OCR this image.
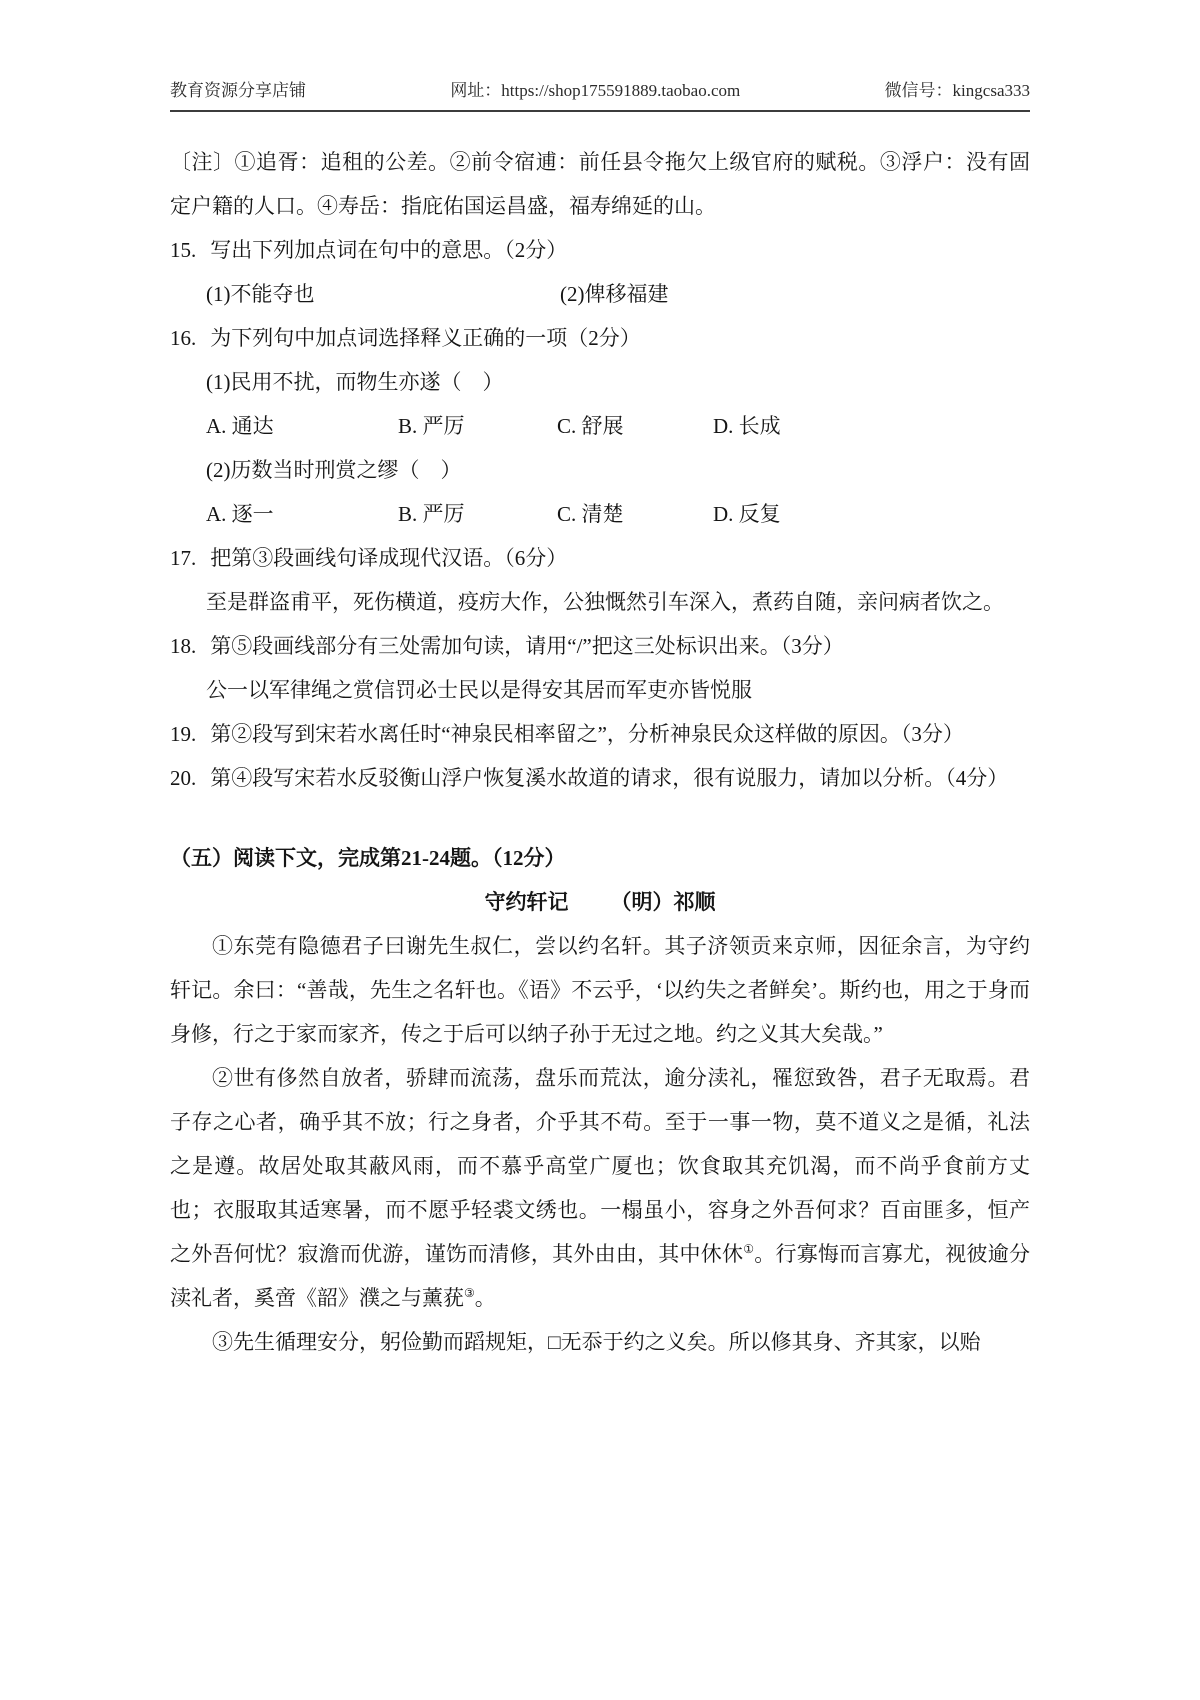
教育资源分享店铺	网址：https://shop175591889.taobao.com	微信号：kingcsa333

〔注〕①追胥：追租的公差。②前令宿逋：前任县令拖欠上级官府的赋税。③浮户：没有固定户籍的人口。④寿岳：指庇佑国运昌盛，福寿绵延的山。

15. 写出下列加点词在句中的意思。（2分）
(1)不能夺也	(2)俾移福建
16. 为下列句中加点词选择释义正确的一项（2分）
(1)民用不扰，而物生亦遂（　）
A. 通达	B. 严厉	C. 舒展	D. 长成
(2)历数当时刑赏之缪（　）
A. 逐一	B. 严厉	C. 清楚	D. 反复
17. 把第③段画线句译成现代汉语。（6分）
至是群盗甫平，死伤横道，疫疠大作，公独慨然引车深入，煮药自随，亲问病者饮之。
18. 第⑤段画线部分有三处需加句读，请用“/”把这三处标识出来。（3分）
公一以军律绳之赏信罚必士民以是得安其居而军吏亦皆悦服
19. 第②段写到宋若水离任时“神泉民相率留之”，分析神泉民众这样做的原因。（3分）
20. 第④段写宋若水反驳衡山浮户恢复溪水故道的请求，很有说服力，请加以分析。（4分）
（五）阅读下文，完成第21-24题。（12分）
守约轩记 （明）祁顺

①东莞有隐德君子曰谢先生叔仁，尝以约名轩。其子济领贡来京师，因征余言，为守约轩记。余曰：“善哉，先生之名轩也。《语》不云乎，‘以约失之者鲜矣’。斯约也，用之于身而身修，行之于家而家齐，传之于后可以纳子孙于无过之地。约之义其大矣哉。”

②世有侈然自放者，骄肆而流荡，盘乐而荒汰，逾分渎礼，罹愆致咎，君子无取焉。君子存之心者，确乎其不放；行之身者，介乎其不苟。至于一事一物，莫不道义之是循，礼法之是遵。故居处取其蔽风雨，而不慕乎高堂广厦也；饮食取其充饥渴，而不尚乎食前方丈也；衣服取其适寒暑，而不愿乎轻裘文绣也。一榻虽小，容身之外吾何求？百亩匪多，恒产之外吾何忧？寂澹而优游，谨饬而清修，其外由由，其中休休①。行寡悔而言寡尤，视彼逾分渎礼者，奚啻《韶》濮之与薰莸③。

③先生循理安分，躬俭勤而蹈规矩，□无忝于约之义矣。所以修其身、齐其家，以贻
